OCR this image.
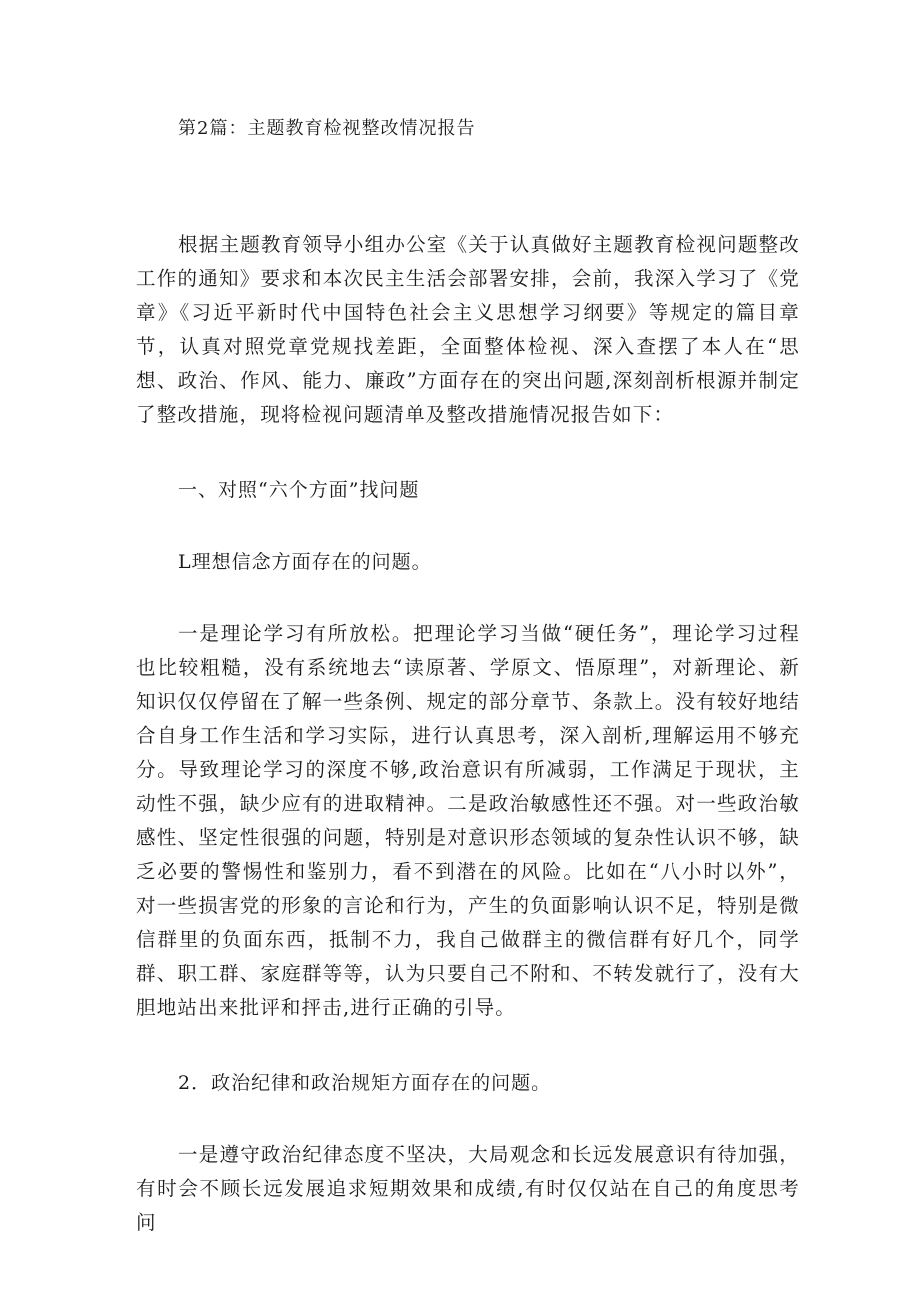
第2篇：主题教育检视整改情况报告

根据主题教育领导小组办公室《关于认真做好主题教育检视问题整改工作的通知》要求和本次民主生活会部署安排，会前，我深入学习了《党章》《习近平新时代中国特色社会主义思想学习纲要》等规定的篇目章节，认真对照党章党规找差距，全面整体检视、深入查摆了本人在“思想、政治、作风、能力、廉政”方面存在的突出问题,深刻剖析根源并制定了整改措施，现将检视问题清单及整改措施情况报告如下：

一、对照“六个方面”找问题
L理想信念方面存在的问题。

一是理论学习有所放松。把理论学习当做“硬任务”，理论学习过程也比较粗糙，没有系统地去“读原著、学原文、悟原理”，对新理论、新知识仅仅停留在了解一些条例、规定的部分章节、条款上。没有较好地结合自身工作生活和学习实际，进行认真思考，深入剖析,理解运用不够充分。导致理论学习的深度不够,政治意识有所减弱，工作满足于现状，主动性不强，缺少应有的进取精神。二是政治敏感性还不强。对一些政治敏感性、坚定性很强的问题，特别是对意识形态领域的复杂性认识不够，缺乏必要的警惕性和鉴别力，看不到潜在的风险。比如在“八小时以外”，对一些损害党的形象的言论和行为，产生的负面影响认识不足，特别是微信群里的负面东西，抵制不力，我自己做群主的微信群有好几个，同学群、职工群、家庭群等等，认为只要自己不附和、不转发就行了，没有大胆地站出来批评和抨击,进行正确的引导。

2．政治纪律和政治规矩方面存在的问题。

一是遵守政治纪律态度不坚决，大局观念和长远发展意识有待加强，有时会不顾长远发展追求短期效果和成绩,有时仅仅站在自己的角度思考问
